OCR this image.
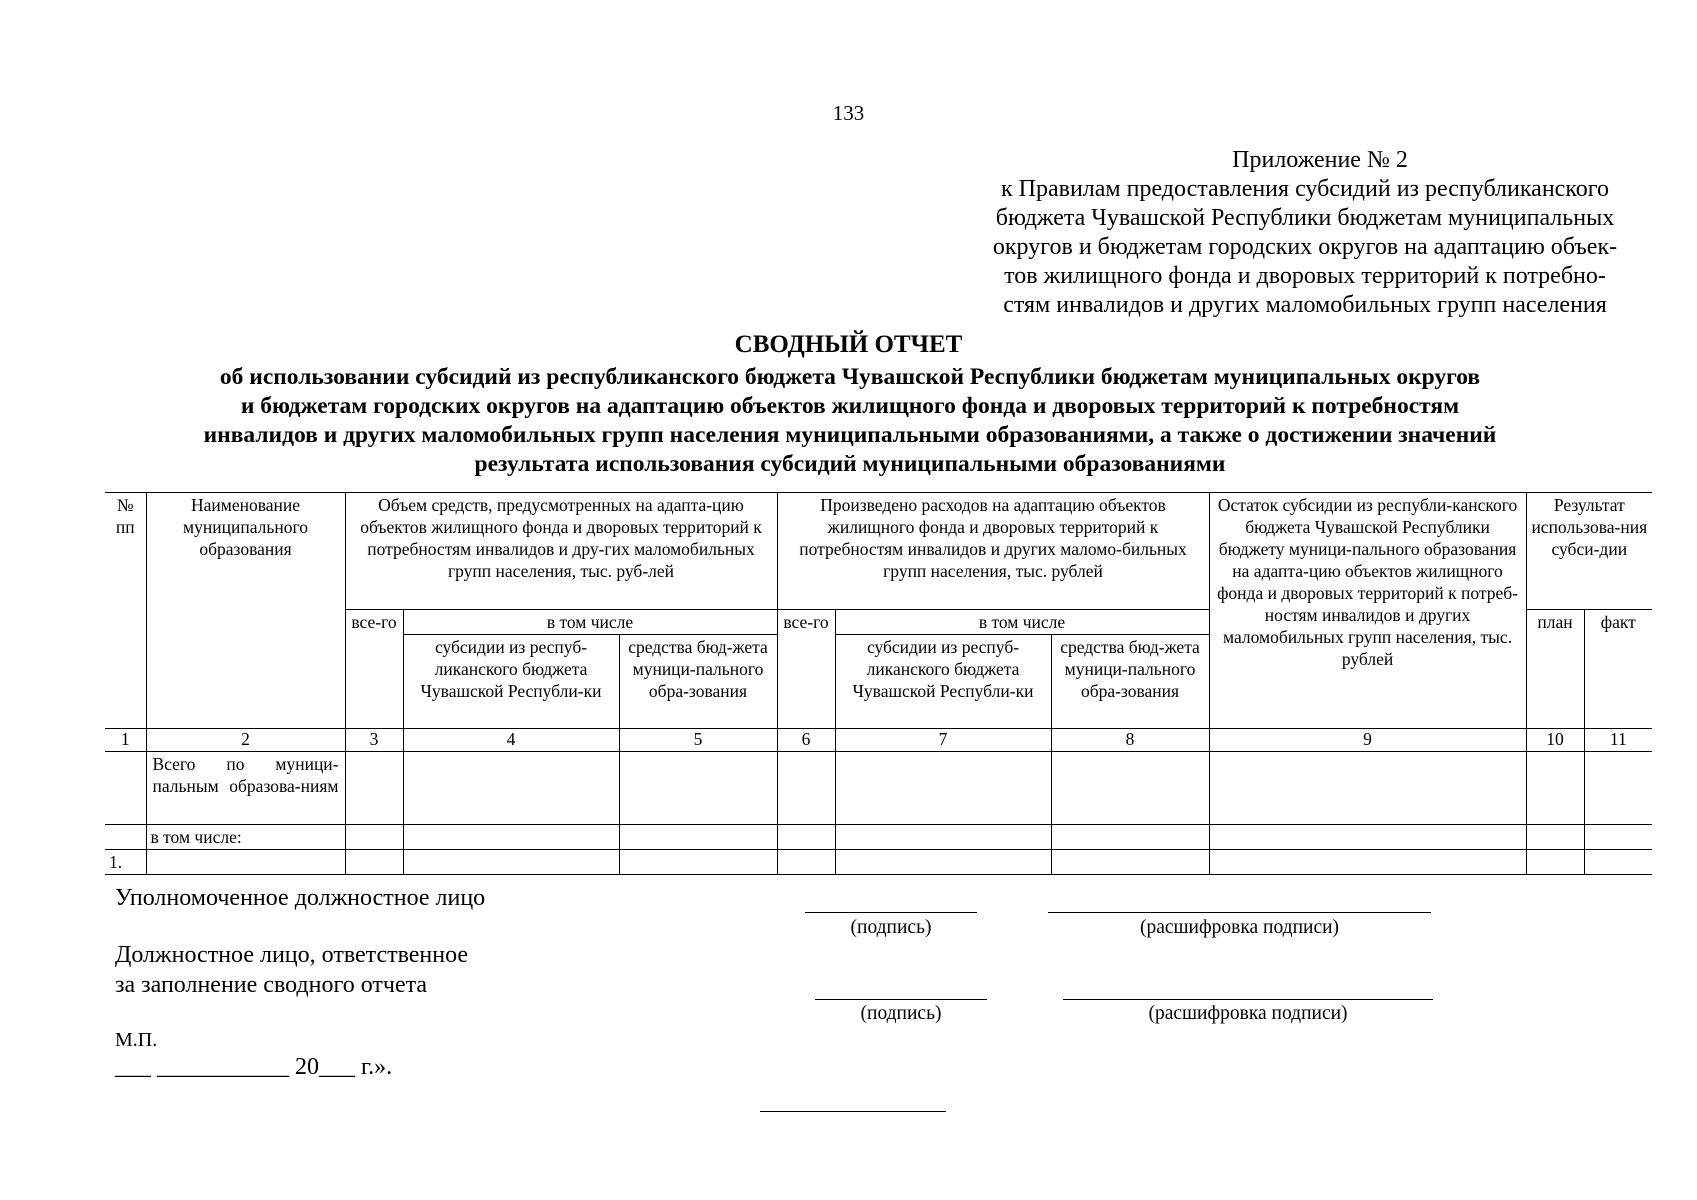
133
Приложение № 2
к Правилам предоставления субсидий из республиканского
бюджета Чувашской Республики бюджетам муниципальных
округов и бюджетам городских округов на адаптацию объек-
тов жилищного фонда и дворовых территорий к потребно-
стям инвалидов и других маломобильных групп населения
СВОДНЫЙ ОТЧЕТ
об использовании субсидий из республиканского бюджета Чувашской Республики бюджетам муниципальных округов
и бюджетам городских округов на адаптацию объектов жилищного фонда и дворовых территорий к потребностям
инвалидов и других маломобильных групп населения муниципальными образованиями, а также о достижении значений
результата использования субсидий муниципальными образованиями
№ пп	Наименование муниципального образования	Объем средств, предусмотренных на адапта-цию объектов жилищного фонда и дворовых территорий к потребностям инвалидов и дру-гих маломобильных групп населения, тыс. руб-лей			Произведено расходов на адаптацию объектов жилищного фонда и дворовых территорий к потребностям инвалидов и других маломо-бильных групп населения, тыс. рублей			Остаток субсидии из республи-канского бюджета Чувашской Республики бюджету муници-пального образования на адапта-цию объектов жилищного фонда и дворовых территорий к потреб-ностям инвалидов и других маломобильных групп населения, тыс. рублей	Результат использова-ния субси-дии	
		все-го	в том числе		все-го	в том числе			план	факт
			субсидии из респуб-ликанского бюджета Чувашской Республи-ки	средства бюд-жета муници-пального обра-зования		субсидии из респуб-ликанского бюджета Чувашской Республи-ки	средства бюд-жета муници-пального обра-зования			
1	2	3	4	5	6	7	8	9	10	11
	Всего по муници-пальным образова-ниям									
	в том числе:									
1.										
Уполномоченное должностное лицо
(подпись)	(расшифровка подписи)
Должностное лицо, ответственное
за заполнение сводного отчета
(подпись)	(расшифровка подписи)
М.П.
___ ___________ 20___ г.».
